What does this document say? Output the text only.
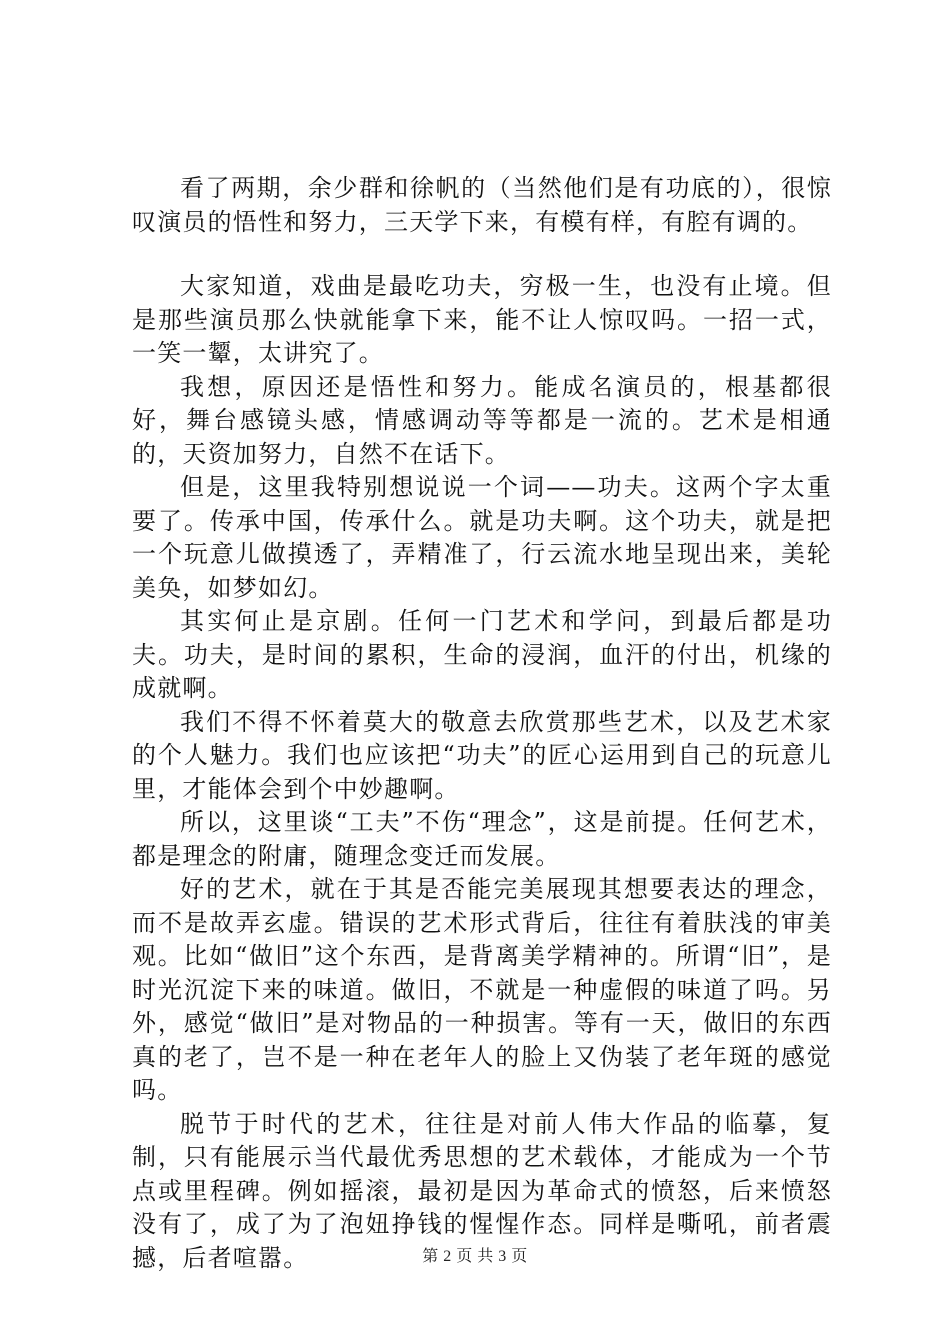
看了两期，余少群和徐帆的（当然他们是有功底的），很惊叹演员的悟性和努力，三天学下来，有模有样，有腔有调的。

大家知道，戏曲是最吃功夫，穷极一生，也没有止境。但是那些演员那么快就能拿下来，能不让人惊叹吗。一招一式，一笑一颦，太讲究了。

我想，原因还是悟性和努力。能成名演员的，根基都很好，舞台感镜头感，情感调动等等都是一流的。艺术是相通的，天资加努力，自然不在话下。

但是，这里我特别想说说一个词——功夫。这两个字太重要了。传承中国，传承什么。就是功夫啊。这个功夫，就是把一个玩意儿做摸透了，弄精准了，行云流水地呈现出来，美轮美奂，如梦如幻。

其实何止是京剧。任何一门艺术和学问，到最后都是功夫。功夫，是时间的累积，生命的浸润，血汗的付出，机缘的成就啊。

我们不得不怀着莫大的敬意去欣赏那些艺术，以及艺术家的个人魅力。我们也应该把“功夫”的匠心运用到自己的玩意儿里，才能体会到个中妙趣啊。

所以，这里谈“工夫”不伤“理念”，这是前提。任何艺术，都是理念的附庸，随理念变迁而发展。

好的艺术，就在于其是否能完美展现其想要表达的理念，而不是故弄玄虚。错误的艺术形式背后，往往有着肤浅的审美观。比如“做旧”这个东西，是背离美学精神的。所谓“旧”，是时光沉淀下来的味道。做旧，不就是一种虚假的味道了吗。另外，感觉“做旧”是对物品的一种损害。等有一天，做旧的东西真的老了，岂不是一种在老年人的脸上又伪装了老年斑的感觉吗。

脱节于时代的艺术，往往是对前人伟大作品的临摹，复制，只有能展示当代最优秀思想的艺术载体，才能成为一个节点或里程碑。例如摇滚，最初是因为革命式的愤怒，后来愤怒没有了，成了为了泡妞挣钱的惺惺作态。同样是嘶吼，前者震撼，后者喧嚣。	第 2 页 共 3 页
